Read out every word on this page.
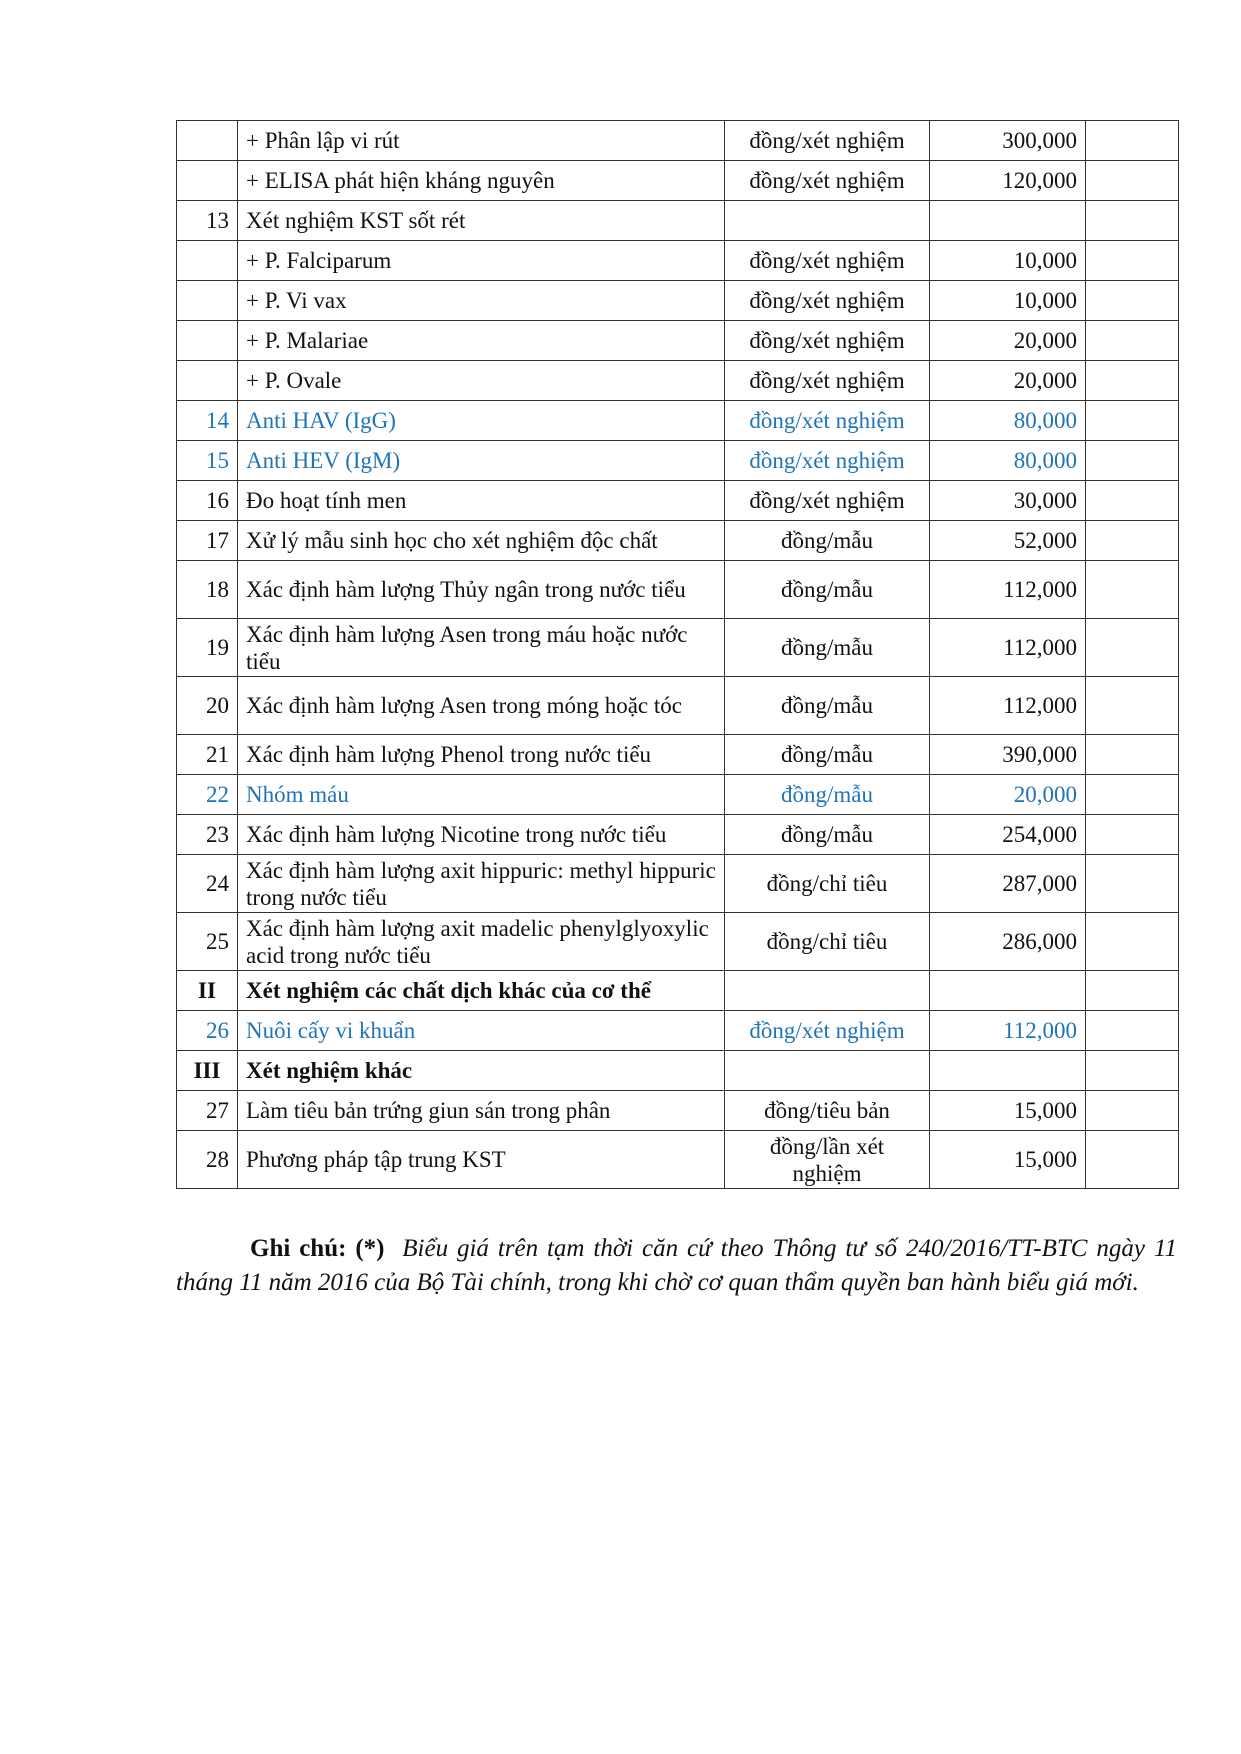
	+ Phân lập vi rút	đồng/xét nghiệm	300,000	
	+ ELISA phát hiện kháng nguyên	đồng/xét nghiệm	120,000	
13	Xét nghiệm KST sốt rét			
	+ P. Falciparum	đồng/xét nghiệm	10,000	
	+ P. Vi vax	đồng/xét nghiệm	10,000	
	+ P. Malariae	đồng/xét nghiệm	20,000	
	+ P. Ovale	đồng/xét nghiệm	20,000	
14	Anti HAV (IgG)	đồng/xét nghiệm	80,000	
15	Anti HEV (IgM)	đồng/xét nghiệm	80,000	
16	Đo hoạt tính men	đồng/xét nghiệm	30,000	
17	Xử lý mẫu sinh học cho xét nghiệm độc chất	đồng/mẫu	52,000	
18	Xác định hàm lượng Thủy ngân trong nước tiểu	đồng/mẫu	112,000	
19	Xác định hàm lượng Asen trong máu hoặc nước tiểu	đồng/mẫu	112,000	
20	Xác định hàm lượng Asen trong móng hoặc tóc	đồng/mẫu	112,000	
21	Xác định hàm lượng Phenol trong nước tiểu	đồng/mẫu	390,000	
22	Nhóm máu	đồng/mẫu	20,000	
23	Xác định hàm lượng Nicotine trong nước tiểu	đồng/mẫu	254,000	
24	Xác định hàm lượng axit hippuric: methyl hippuric trong nước tiểu	đồng/chỉ tiêu	287,000	
25	Xác định hàm lượng axit madelic phenylglyoxylic acid trong nước tiểu	đồng/chỉ tiêu	286,000	
II	Xét nghiệm các chất dịch khác của cơ thể			
26	Nuôi cấy vi khuẩn	đồng/xét nghiệm	112,000	
III	Xét nghiệm khác			
27	Làm tiêu bản trứng giun sán trong phân	đồng/tiêu bản	15,000	
28	Phương pháp tập trung KST	đồng/lần xét nghiệm	15,000	

Ghi chú: (*) Biểu giá trên tạm thời căn cứ theo Thông tư số 240/2016/TT-BTC ngày 11 tháng 11 năm 2016 của Bộ Tài chính, trong khi chờ cơ quan thẩm quyền ban hành biểu giá mới.
